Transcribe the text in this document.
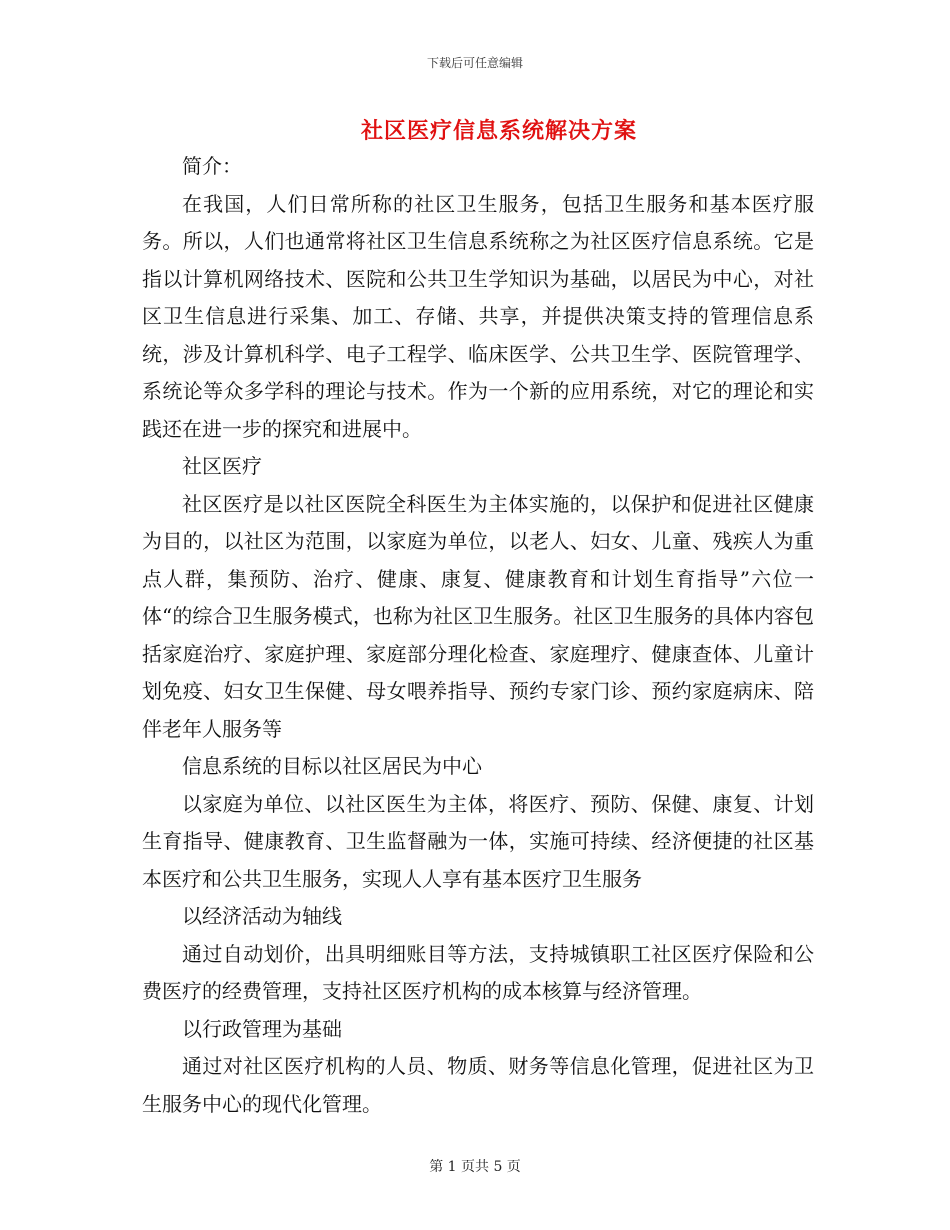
下载后可任意编辑
社区医疗信息系统解决方案

简介：

在我国，人们日常所称的社区卫生服务，包括卫生服务和基本医疗服务。所以，人们也通常将社区卫生信息系统称之为社区医疗信息系统。它是指以计算机网络技术、医院和公共卫生学知识为基础，以居民为中心，对社区卫生信息进行采集、加工、存储、共享，并提供决策支持的管理信息系统，涉及计算机科学、电子工程学、临床医学、公共卫生学、医院管理学、系统论等众多学科的理论与技术。作为一个新的应用系统，对它的理论和实践还在进一步的探究和进展中。

社区医疗

社区医疗是以社区医院全科医生为主体实施的，以保护和促进社区健康为目的，以社区为范围，以家庭为单位，以老人、妇女、儿童、残疾人为重点人群，集预防、治疗、健康、康复、健康教育和计划生育指导”六位一体“的综合卫生服务模式，也称为社区卫生服务。社区卫生服务的具体内容包括家庭治疗、家庭护理、家庭部分理化检查、家庭理疗、健康查体、儿童计划免疫、妇女卫生保健、母女喂养指导、预约专家门诊、预约家庭病床、陪伴老年人服务等

信息系统的目标以社区居民为中心

以家庭为单位、以社区医生为主体，将医疗、预防、保健、康复、计划生育指导、健康教育、卫生监督融为一体，实施可持续、经济便捷的社区基本医疗和公共卫生服务，实现人人享有基本医疗卫生服务

以经济活动为轴线

通过自动划价，出具明细账目等方法，支持城镇职工社区医疗保险和公费医疗的经费管理，支持社区医疗机构的成本核算与经济管理。

以行政管理为基础

通过对社区医疗机构的人员、物质、财务等信息化管理，促进社区为卫生服务中心的现代化管理。

第 1 页共 5 页
